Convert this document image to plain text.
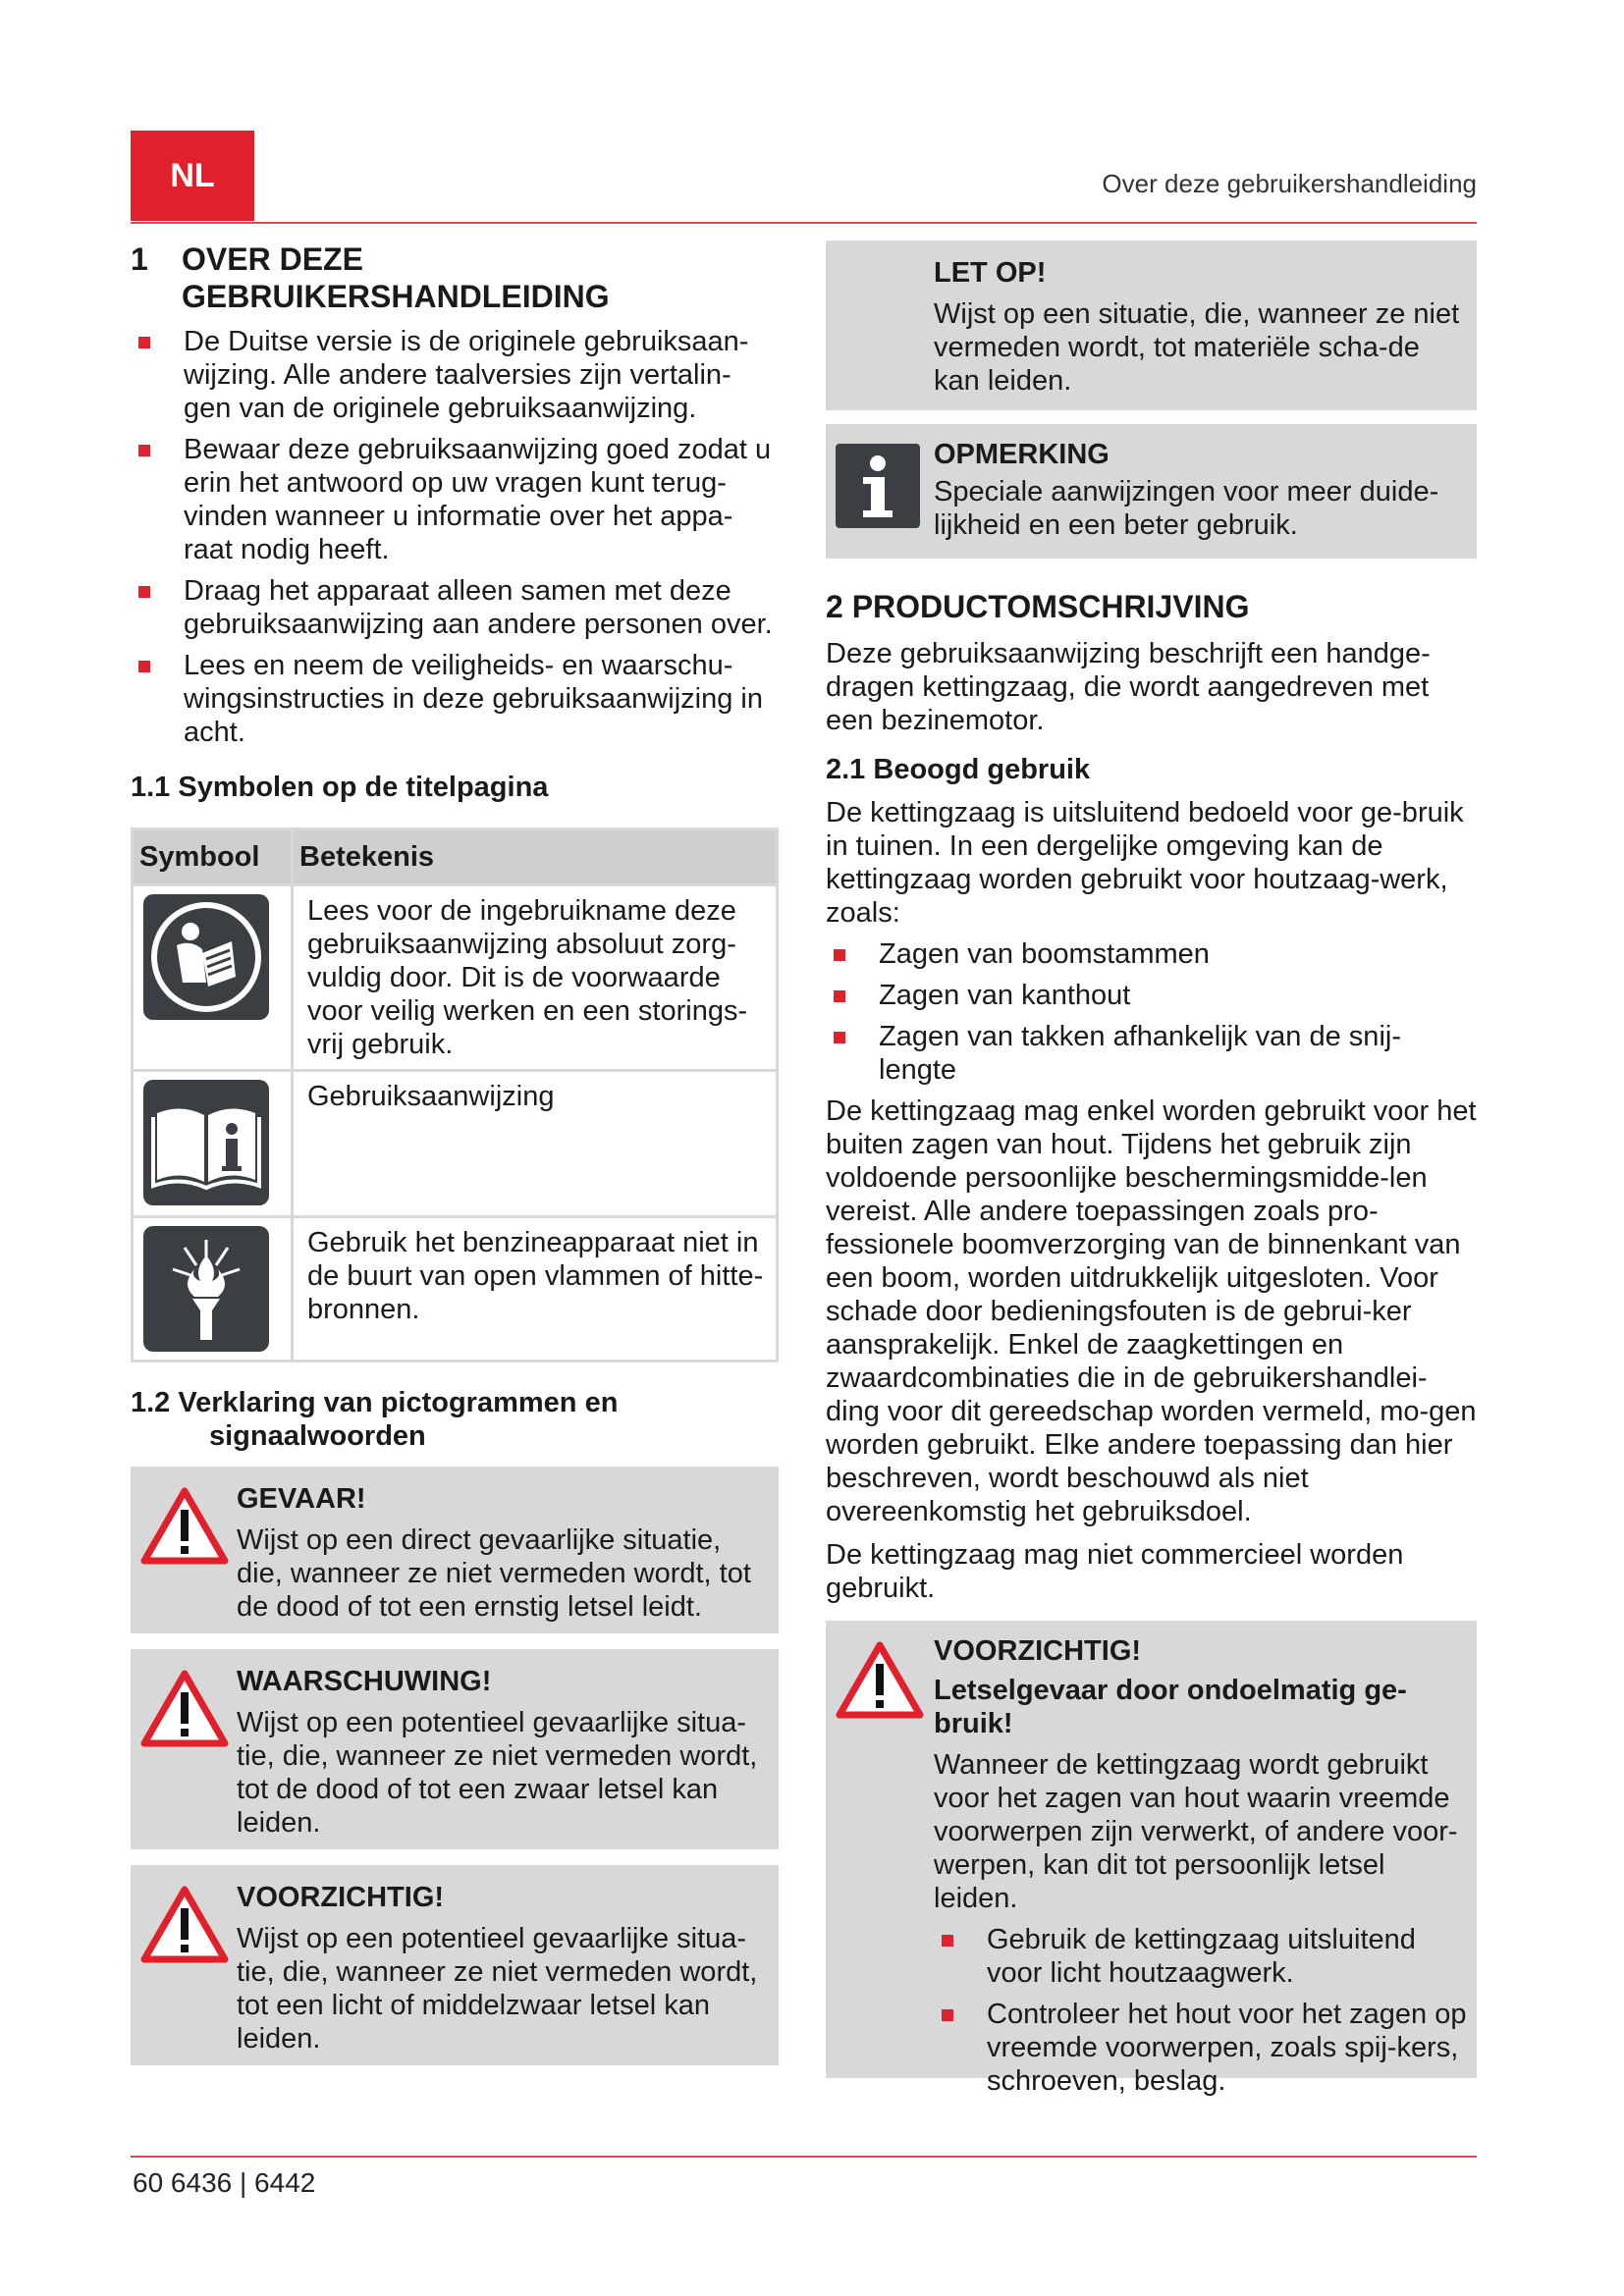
NL	Over deze gebruikershandleiding
1 OVER DEZE
GEBRUIKERSHANDLEIDING
De Duitse versie is de originele gebruiksaan-wijzing. Alle andere taalversies zijn vertalin-gen van de originele gebruiksaanwijzing.
Bewaar deze gebruiksaanwijzing goed zodat u erin het antwoord op uw vragen kunt terug-vinden wanneer u informatie over het appa-raat nodig heeft.
Draag het apparaat alleen samen met deze gebruiksaanwijzing aan andere personen over.
Lees en neem de veiligheids- en waarschu-wingsinstructies in deze gebruiksaanwijzing in acht.
1.1 Symbolen op de titelpagina
Symbool	Betekenis

	Lees voor de ingebruikname deze gebruiksaanwijzing absoluut zorg-vuldig door. Dit is de voorwaarde voor veilig werken en een storings-vrij gebruik.

	Gebruiksaanwijzing

	Gebruik het benzineapparaat niet in de buurt van open vlammen of hitte-bronnen.
1.2 Verklaring van pictogrammen en
signaalwoorden
GEVAAR!
Wijst op een direct gevaarlijke situatie, die, wanneer ze niet vermeden wordt, tot de dood of tot een ernstig letsel leidt.
WAARSCHUWING!
Wijst op een potentieel gevaarlijke situa-tie, die, wanneer ze niet vermeden wordt, tot de dood of tot een zwaar letsel kan leiden.
VOORZICHTIG!
Wijst op een potentieel gevaarlijke situa-tie, die, wanneer ze niet vermeden wordt, tot een licht of middelzwaar letsel kan leiden.
LET OP!
Wijst op een situatie, die, wanneer ze niet vermeden wordt, tot materiële scha-de kan leiden.
OPMERKING
Speciale aanwijzingen voor meer duide-lijkheid en een beter gebruik.
2 PRODUCTOMSCHRIJVING

Deze gebruiksaanwijzing beschrijft een handge-dragen kettingzaag, die wordt aangedreven met een bezinemotor.

2.1 Beoogd gebruik

De kettingzaag is uitsluitend bedoeld voor ge-bruik in tuinen. In een dergelijke omgeving kan de kettingzaag worden gebruikt voor houtzaag-werk, zoals:

Zagen van boomstammen
Zagen van kanthout
Zagen van takken afhankelijk van de snij-lengte

De kettingzaag mag enkel worden gebruikt voor het buiten zagen van hout. Tijdens het gebruik zijn voldoende persoonlijke beschermingsmidde-len vereist. Alle andere toepassingen zoals pro-fessionele boomverzorging van de binnenkant van een boom, worden uitdrukkelijk uitgesloten. Voor schade door bedieningsfouten is de gebrui-ker aansprakelijk. Enkel de zaagkettingen en zwaardcombinaties die in de gebruikershandlei-ding voor dit gereedschap worden vermeld, mo-gen worden gebruikt. Elke andere toepassing dan hier beschreven, wordt beschouwd als niet overeenkomstig het gebruiksdoel.

De kettingzaag mag niet commercieel worden gebruikt.

VOORZICHTIG!
Letselgevaar door ondoelmatig ge-bruik!
Wanneer de kettingzaag wordt gebruikt voor het zagen van hout waarin vreemde voorwerpen zijn verwerkt, of andere voor-werpen, kan dit tot persoonlijk letsel leiden.
Gebruik de kettingzaag uitsluitend voor licht houtzaagwerk.
Controleer het hout voor het zagen op vreemde voorwerpen, zoals spij-kers, schroeven, beslag.
60 6436 | 6442
